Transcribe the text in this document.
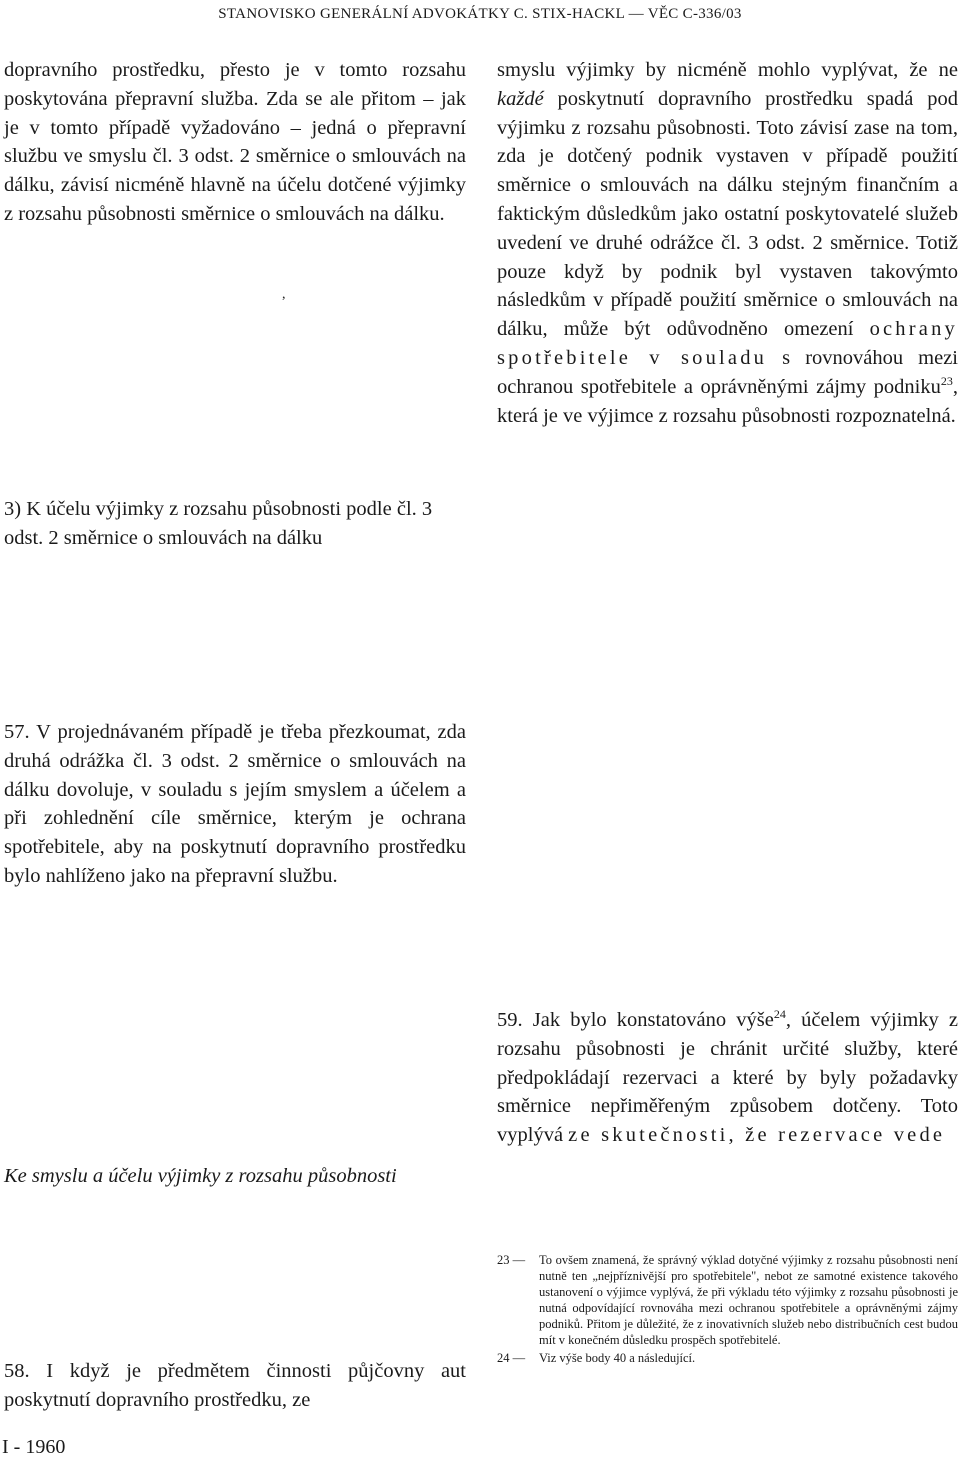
STANOVISKO GENERÁLNÍ ADVOKÁTKY C. STIX-HACKL — VĚC C-336/03
dopravního prostředku, přesto je v tomto rozsahu poskytována přepravní služba. Zda se ale přitom – jak je v tomto případě vyžadováno – jedná o přepravní službu ve smyslu čl. 3 odst. 2 směrnice o smlouvách na dálku, závisí nicméně hlavně na účelu dotčené výjimky z rozsahu působnosti směrnice o smlouvách na dálku.
,
3) K účelu výjimky z rozsahu působnosti podle čl. 3 odst. 2 směrnice o smlouvách na dálku
57. V projednávaném případě je třeba přezkoumat, zda druhá odrážka čl. 3 odst. 2 směrnice o smlouvách na dálku dovoluje, v souladu s jejím smyslem a účelem a při zohlednění cíle směrnice, kterým je ochrana spotřebitele, aby na poskytnutí dopravního prostředku bylo nahlíženo jako na přepravní službu.
Ke smyslu a účelu výjimky z rozsahu působnosti
58. I když je předmětem činnosti půjčovny aut poskytnutí dopravního prostředku, ze
smyslu výjimky by nicméně mohlo vyplývat, že ne každé poskytnutí dopravního prostředku spadá pod výjimku z rozsahu působnosti. Toto závisí zase na tom, zda je dotčený podnik vystaven v případě použití směrnice o smlouvách na dálku stejným finančním a faktickým důsledkům jako ostatní poskytovatelé služeb uvedení ve druhé odrážce čl. 3 odst. 2 směrnice. Totiž pouze když by podnik byl vystaven takovýmto následkům v případě použití směrnice o smlouvách na dálku, může být odůvodněno omezení ochrany spotřebitele v souladu s rovnováhou mezi ochranou spotřebitele a oprávněnými zájmy podniku$^{23}$, která je ve výjimce z rozsahu působnosti rozpoznatelná.
59. Jak bylo konstatováno výše$^{24}$, účelem výjimky z rozsahu působnosti je chránit určité služby, které předpokládají rezervaci a které by byly požadavky směrnice nepřiměřeným způsobem dotčeny. Toto vyplývá ze skutečnosti, že rezervace vede
23 —	To ovšem znamená, že správný výklad dotyčné výjimky z rozsahu působnosti není nutně ten „nejpříznivější pro spotřebitele", nebot ze samotné existence takového ustanovení o výjimce vyplývá, že při výkladu této výjimky z rozsahu působnosti je nutná odpovídající rovnováha mezi ochranou spotřebitele a oprávněnými zájmy podniků. Přitom je důležité, že z inovativních služeb nebo distribučních cest budou mít v konečném důsledku prospěch spotřebitelé.
24 —	Viz výše body 40 a následující.
I - 1960
